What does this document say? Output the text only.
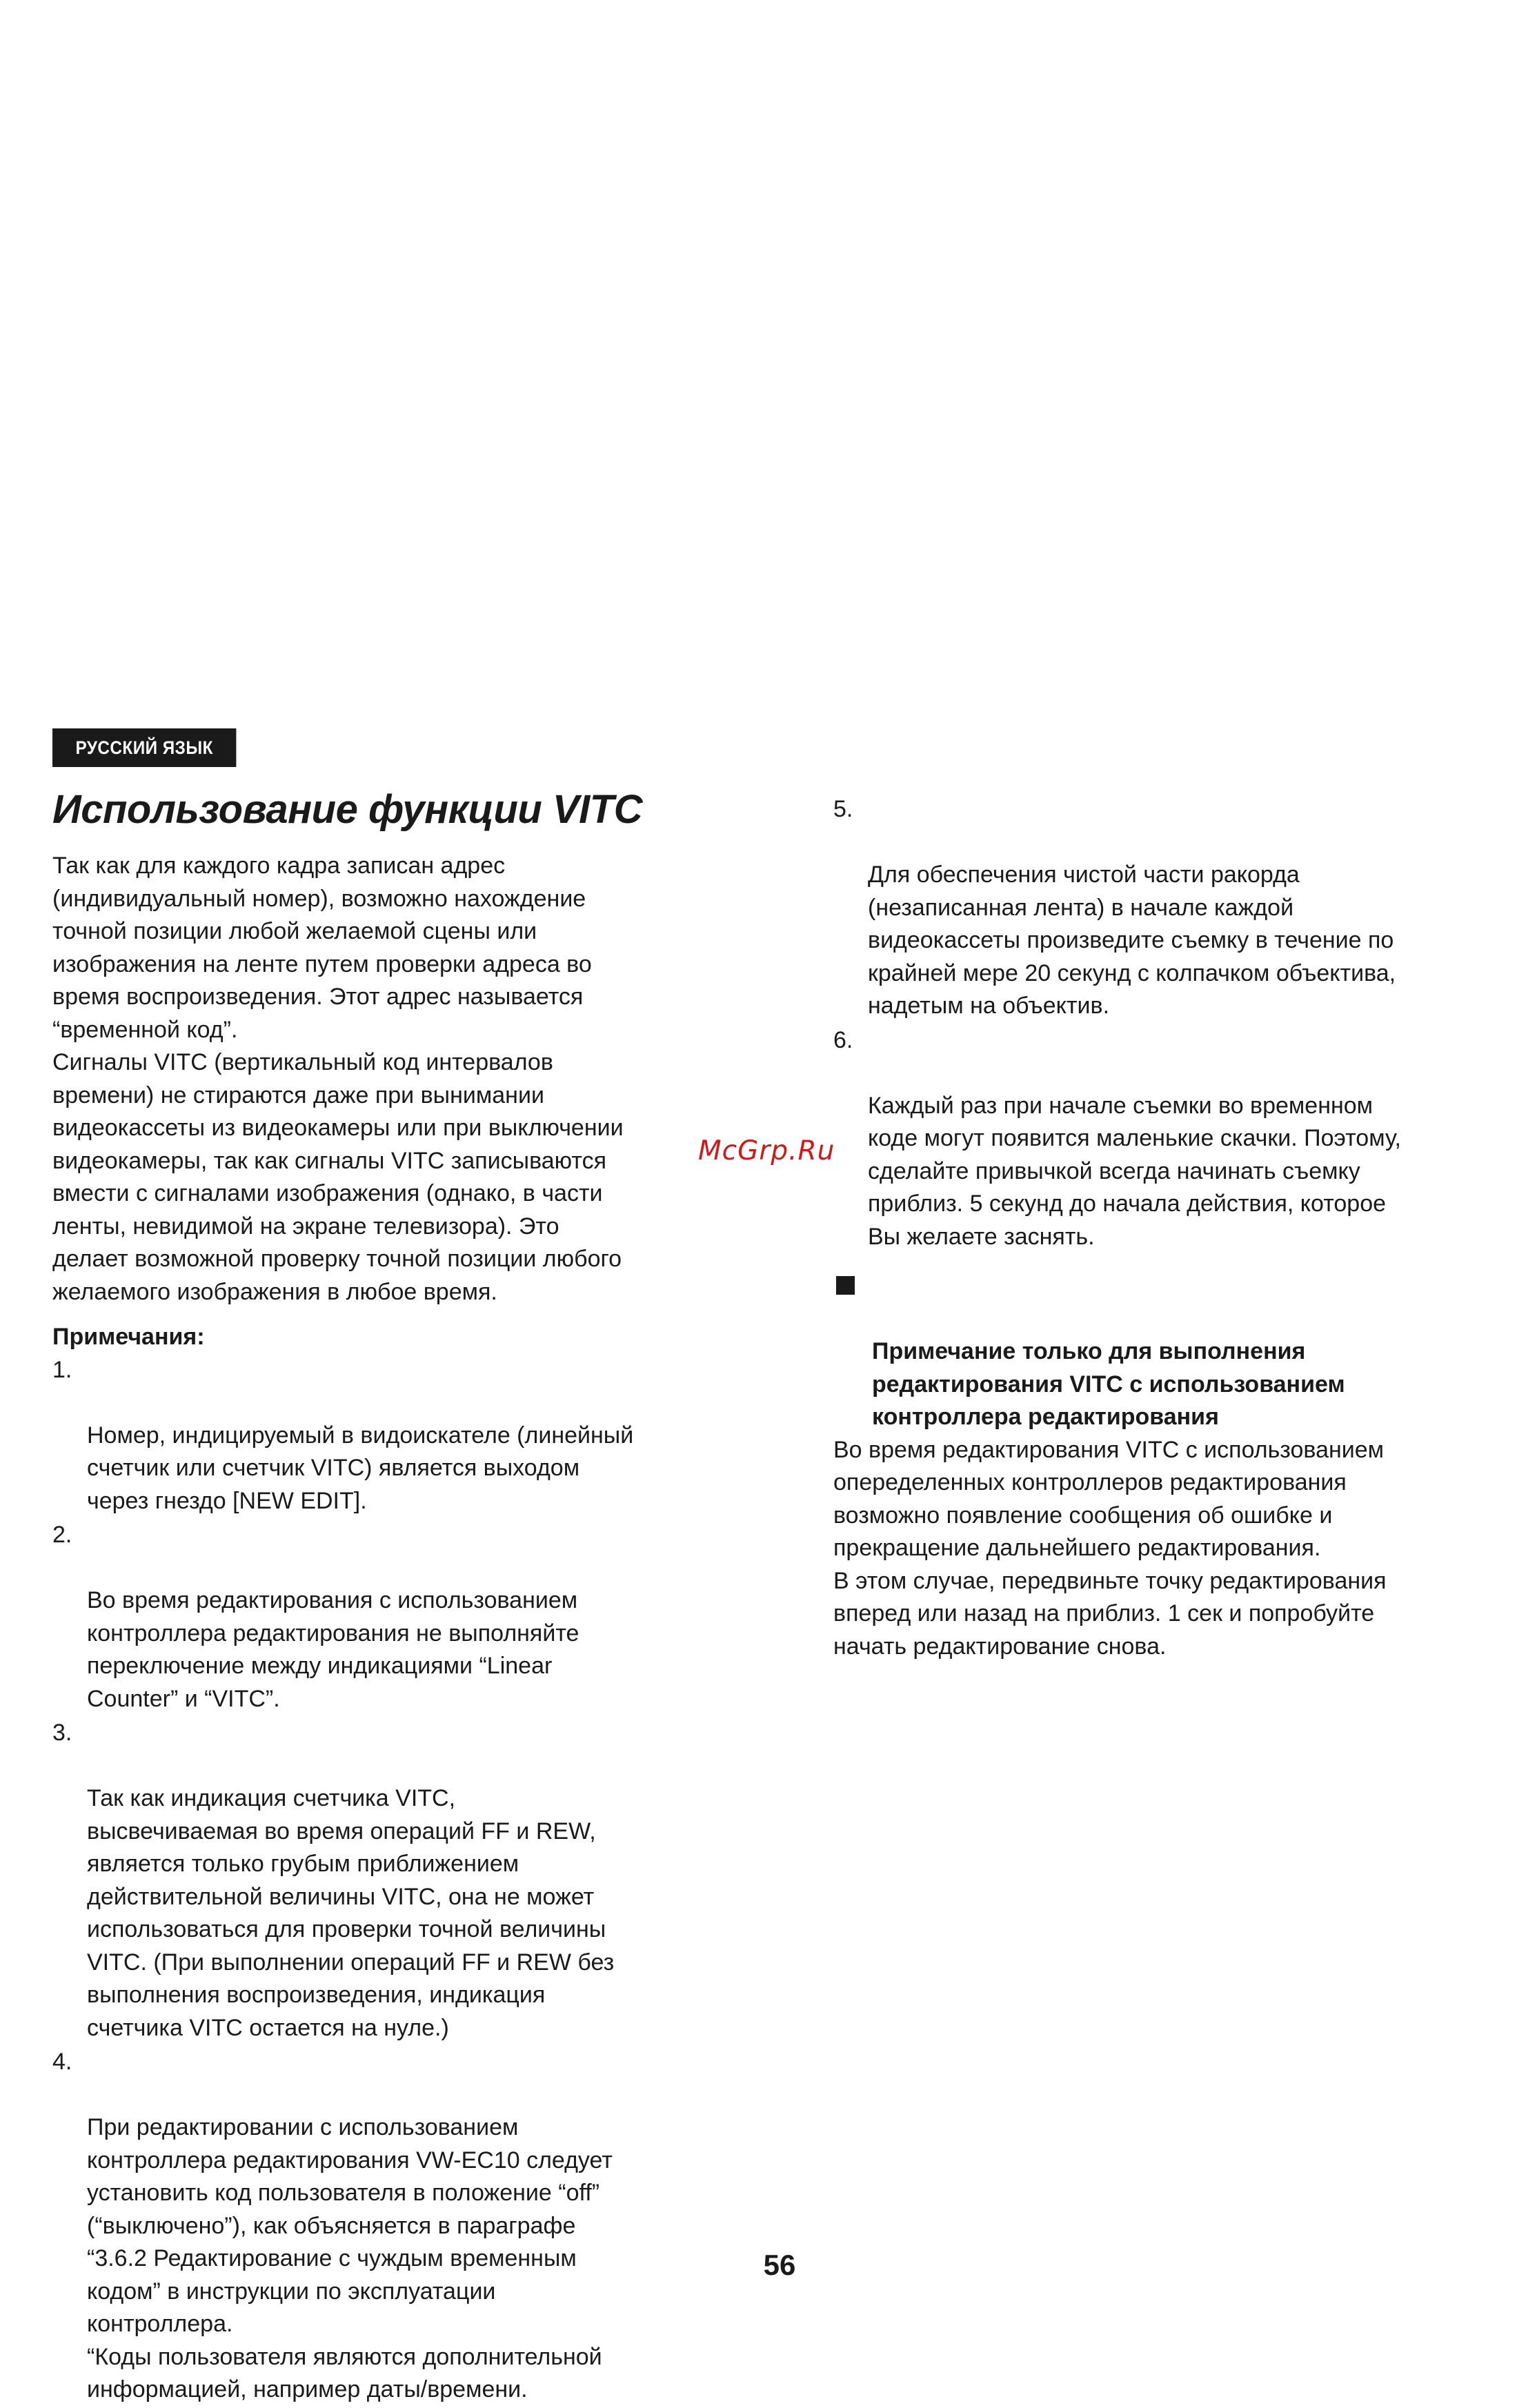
РУССКИЙ ЯЗЫК
Использование функции VITC

Так как для каждого кадра записан адрес
(индивидуальный номер), возможно нахождение
точной позиции любой желаемой сцены или
изображения на ленте путем проверки адреса во
время воспроизведения. Этот адрес называется
“временной код”.
Сигналы VITC (вертикальный код интервалов
времени) не стираются даже при вынимании
видеокассеты из видеокамеры или при выключении
видеокамеры, так как сигналы VITC записываются
вмести с сигналами изображения (однако, в части
ленты, невидимой на экране телевизора). Это
делает возможной проверку точной позиции любого
желаемого изображения в любое время.

Примечания:

1.

Номер, индицируемый в видоискателе (линейный
счетчик или счетчик VITC) является выходом
через гнездо [NEW EDIT].

2.

Во время редактирования с использованием
контроллера редактирования не выполняйте
переключение между индикациями “Linear
Counter” и “VITC”.

3.

Так как индикация счетчика VITC,
высвечиваемая во время операций FF и REW,
является только грубым приближением
действительной величины VITC, она не может
использоваться для проверки точной величины
VITC. (При выполнении операций FF и REW без
выполнения воспроизведения, индикация
счетчика VITC остается на нуле.)

4.

При редактировании с использованием
контроллера редактирования VW-EC10 следует
установить код пользователя в положение “off”
(“выключено”), как объясняется в параграфе
“3.6.2 Редактирование с чуждым временным
кодом” в инструкции по эксплуатации
контроллера.
“Коды пользователя являются дополнительной
информацией, например даты/времени.

5.

Для обеспечения чистой части ракорда
(незаписанная лента) в начале каждой
видеокассеты произведите съемку в течение по
крайней мере 20 секунд с колпачком объектива,
надетым на объектив.

6.

Каждый раз при начале съемки во временном
коде могут появится маленькие скачки. Поэтому,
сделайте привычкой всегда начинать съемку
приблиз. 5 секунд до начала действия, которое
Вы желаете заснять.

Примечание только для выполнения
редактирования VITC с использованием
контроллера редактирования

Во время редактирования VITC с использованием
опеределенных контроллеров редактирования
возможно появление сообщения об ошибке и
прекращение дальнейшего редактирования.
В этом случае, передвиньте точку редактирования
вперед или назад на приблиз. 1 сек и попробуйте
начать редактирование снова.

McGrp.Ru
56
